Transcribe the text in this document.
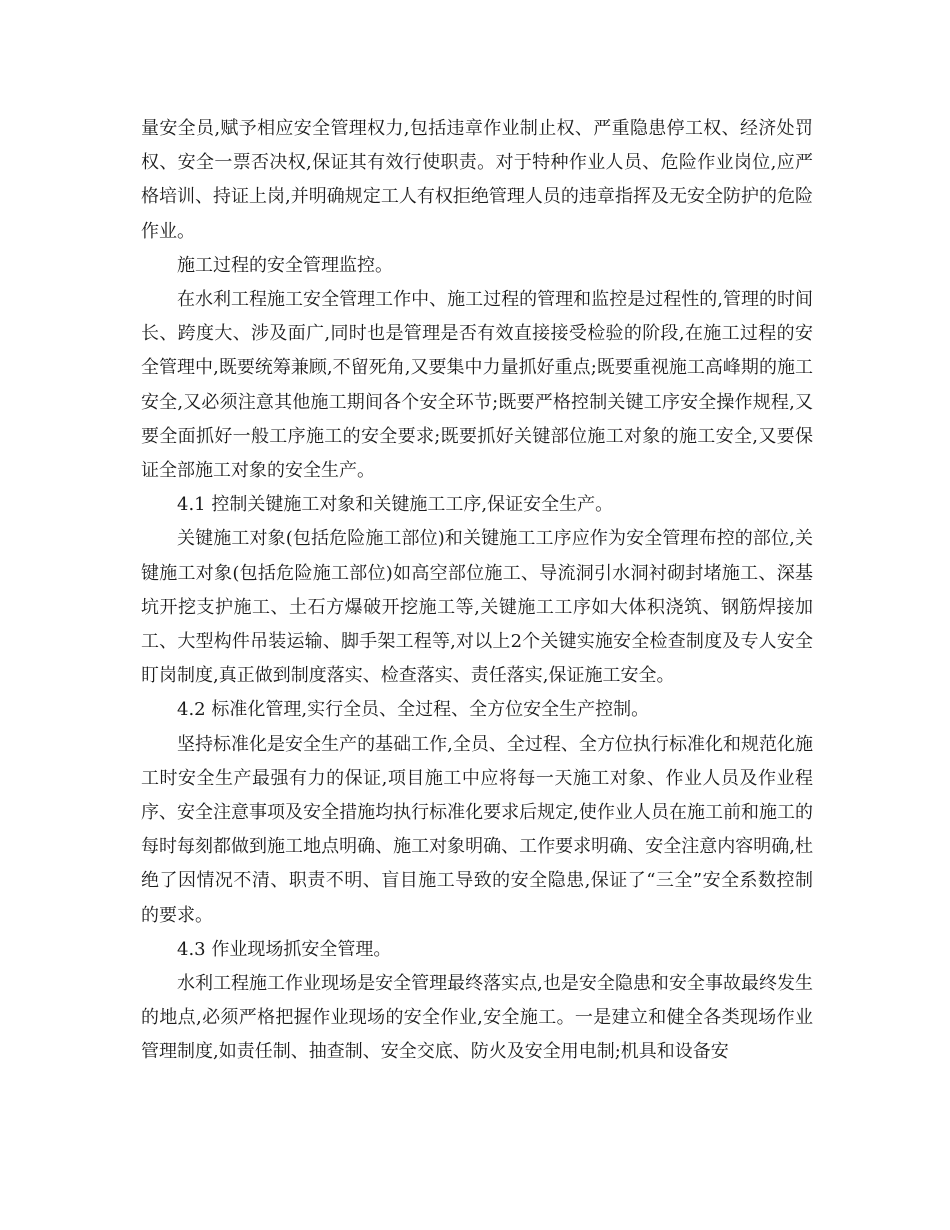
量安全员,赋予相应安全管理权力,包括违章作业制止权、严重隐患停工权、经济处罚权、安全一票否决权,保证其有效行使职责。对于特种作业人员、危险作业岗位,应严格培训、持证上岗,并明确规定工人有权拒绝管理人员的违章指挥及无安全防护的危险作业。

施工过程的安全管理监控。

在水利工程施工安全管理工作中、施工过程的管理和监控是过程性的,管理的时间长、跨度大、涉及面广,同时也是管理是否有效直接接受检验的阶段,在施工过程的安全管理中,既要统筹兼顾,不留死角,又要集中力量抓好重点;既要重视施工高峰期的施工安全,又必须注意其他施工期间各个安全环节;既要严格控制关键工序安全操作规程,又要全面抓好一般工序施工的安全要求;既要抓好关键部位施工对象的施工安全,又要保证全部施工对象的安全生产。

4.1 控制关键施工对象和关键施工工序,保证安全生产。

关键施工对象(包括危险施工部位)和关键施工工序应作为安全管理布控的部位,关键施工对象(包括危险施工部位)如高空部位施工、导流洞引水洞衬砌封堵施工、深基坑开挖支护施工、土石方爆破开挖施工等,关键施工工序如大体积浇筑、钢筋焊接加工、大型构件吊装运输、脚手架工程等,对以上2个关键实施安全检查制度及专人安全盯岗制度,真正做到制度落实、检查落实、责任落实,保证施工安全。

4.2 标准化管理,实行全员、全过程、全方位安全生产控制。

坚持标准化是安全生产的基础工作,全员、全过程、全方位执行标准化和规范化施工时安全生产最强有力的保证,项目施工中应将每一天施工对象、作业人员及作业程序、安全注意事项及安全措施均执行标准化要求后规定,使作业人员在施工前和施工的每时每刻都做到施工地点明确、施工对象明确、工作要求明确、安全注意内容明确,杜绝了因情况不清、职责不明、盲目施工导致的安全隐患,保证了“三全”安全系数控制的要求。

4.3 作业现场抓安全管理。

水利工程施工作业现场是安全管理最终落实点,也是安全隐患和安全事故最终发生的地点,必须严格把握作业现场的安全作业,安全施工。一是建立和健全各类现场作业管理制度,如责任制、抽查制、安全交底、防火及安全用电制;机具和设备安
